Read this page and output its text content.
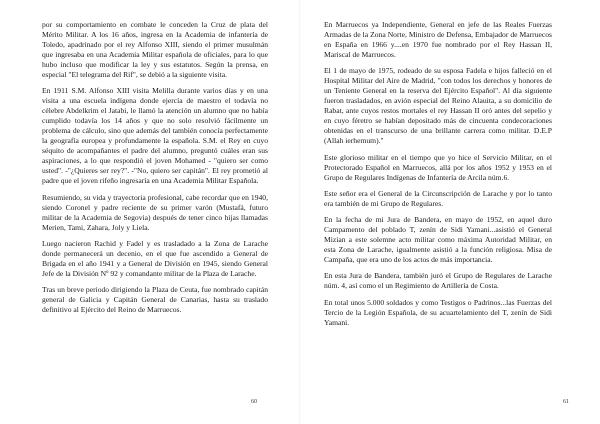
por su comportamiento en combate le conceden la Cruz de plata del Mérito Militar. A los 16 años, ingresa en la Academia de infantería de Toledo, apadrinado por el rey Alfonso XIII, siendo el primer musulmán que ingresaba en una Academia Militar española de oficiales, para lo que hubo incluso que modificar la ley y sus estatutos. Según la prensa, en especial "El telegrama del Rif", se debió a la siguiente visita.

En 1911 S.M. Alfonso XIII visita Melilla durante varios días y en una visita a una escuela indígena donde ejercía de maestro el todavía no célebre Abdelkrim el Jatabi, le llamó la atención un alumno que no había cumplido todavía los 14 años y que no solo resolvió fácilmente un problema de cálculo, sino que además del también conocía perfectamente la geografía europea y profundamente la española. S.M. el Rey en cuyo séquito de acompañantes el padre del alumno, preguntó cuáles eran sus aspiraciones, a lo que respondió el joven Mohamed - "quiero ser como usted". -"¿Quieres ser rey?". -"No, quiero ser capitán". El rey prometió al padre que el joven rifeño ingresaría en una Academia Militar Española.

Resumiendo, su vida y trayectoria profesional, cabe recordar que en 1940, siendo Coronel y padre reciente de su primer varón (Mustafá, futuro militar de la Academia de Segovia) después de tener cinco hijas llamadas Merien, Tami, Zahara, Joly y Liela.

Luego nacieron Rachid y Fadel y es trasladado a la Zona de Larache donde permanecerá un decenio, en el que fue ascendido a General de Brigada en el año 1941 y a General de División en 1945, siendo General Jefe de la División Nº 92 y comandante militar de la Plaza de Larache.

Tras un breve periodo dirigiendo la Plaza de Ceuta, fue nombrado capitán general de Galicia y Capitán General de Canarias, hasta su traslado definitivo al Ejército del Reino de Marruecos.

60

En Marruecos ya Independiente, General en jefe de las Reales Fuerzas Armadas de la Zona Norte, Ministro de Defensa, Embajador de Marruecos en España en 1966 y....en 1970 fue nombrado por el Rey Hassan II, Mariscal de Marruecos.

El 1 de mayo de 1975, rodeado de su esposa Fadela e hijos falleció en el Hospital Militar del Aire de Madrid, "con todos los derechos y honores de un Teniente General en la reserva del Ejército Español". Al día siguiente fueron trasladados, en avión especial del Reino Alauita, a su domicilio de Rabat, ante cuyos restos mortales el rey Hassan II oró antes del sepelio y en cuyo féretro se habían depositado más de cincuenta condecoraciones obtenidas en el transcurso de una brillante carrera como militar. D.E.P (Allah ierhemum)."

Este glorioso militar en el tiempo que yo hice el Servicio Militar, en el Protectorado Español en Marruecos, allá por los años 1952 y 1953 en el Grupo de Regulares Indígenas de Infantería de Arcila núm.6.

Este señor era el General de la Circunscripción de Larache y por lo tanto era también de mi Grupo de Regulares.

En la fecha de mi Jura de Bandera, en mayo de 1952, en aquel duro Campamento del poblado T, zenín de Sidi Yamani...asistió el General Mizian a este solemne acto militar como máxima Autoridad Militar, en esta Zona de Larache, igualmente asistió a la función religiosa. Misa de Campaña, que era uno de los actos de más importancia.

En esta Jura de Bandera, también juró el Grupo de Regulares de Larache núm. 4, así como el un Regimiento de Artillería de Costa.

En total unos 5.000 soldados y como Testigos o Padrinos...las Fuerzas del Tercio de la Legión Española, de su acuartelamiento del T, zenín de Sidi Yamani.

61
